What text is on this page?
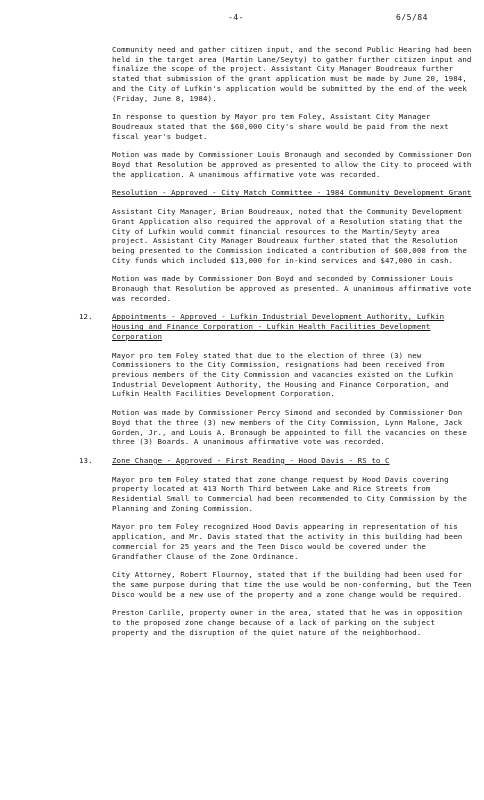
-4-	6/5/84

Community need and gather citizen input, and the second Public Hearing had been held in the target area (Martin Lane/Seyty) to gather further citizen input and finalize the scope of the project. Assistant City Manager Boudreaux further stated that submission of the grant application must be made by June 20, 1984, and the City of Lufkin's application would be submitted by the end of the week (Friday, June 8, 1984).

In response to question by Mayor pro tem Foley, Assistant City Manager Boudreaux stated that the $60,000 City's share would be paid from the next fiscal year's budget.

Motion was made by Commissioner Louis Bronaugh and seconded by Commissioner Don Boyd that Resolution be approved as presented to allow the City to proceed with the application. A unanimous affirmative vote was recorded.

Resolution - Approved - City Match Committee - 1984 Community Development Grant

Assistant City Manager, Brian Boudreaux, noted that the Community Development Grant Application also required the approval of a Resolution stating that the City of Lufkin would commit financial resources to the Martin/Seyty area project. Assistant City Manager Boudreaux further stated that the Resolution being presented to the Commission indicated a contribution of $60,000 from the City funds which included $13,000 for in-kind services and $47,000 in cash.

Motion was made by Commissioner Don Boyd and seconded by Commissioner Louis Bronaugh that Resolution be approved as presented. A unanimous affirmative vote was recorded.

12.	Appointments - Approved - Lufkin Industrial Development Authority, Lufkin Housing and Finance Corporation - Lufkin Health Facilities Development Corporation

Mayor pro tem Foley stated that due to the election of three (3) new Commissioners to the City Commission, resignations had been received from previous members of the City Commission and vacancies existed on the Lufkin Industrial Development Authority, the Housing and Finance Corporation, and Lufkin Health Facilities Development Corporation.

Motion was made by Commissioner Percy Simond and seconded by Commissioner Don Boyd that the three (3) new members of the City Commission, Lynn Malone, Jack Gorden, Jr., and Louis A. Bronaugh be appointed to fill the vacancies on these three (3) Boards. A unanimous affirmative vote was recorded.

13.	Zone Change - Approved - First Reading - Hood Davis - RS to C

Mayor pro tem Foley stated that zone change request by Hood Davis covering property located at 413 North Third between Lake and Rice Streets from Residential Small to Commercial had been recommended to City Commission by the Planning and Zoning Commission.

Mayor pro tem Foley recognized Hood Davis appearing in representation of his application, and Mr. Davis stated that the activity in this building had been commercial for 25 years and the Teen Disco would be covered under the Grandfather Clause of the Zone Ordinance.

City Attorney, Robert Flournoy, stated that if the building had been used for the same purpose during that time the use would be non-conforming, but the Teen Disco would be a new use of the property and a zone change would be required.

Preston Carlile, property owner in the area, stated that he was in opposition to the proposed zone change because of a lack of parking on the subject property and the disruption of the quiet nature of the neighborhood.
